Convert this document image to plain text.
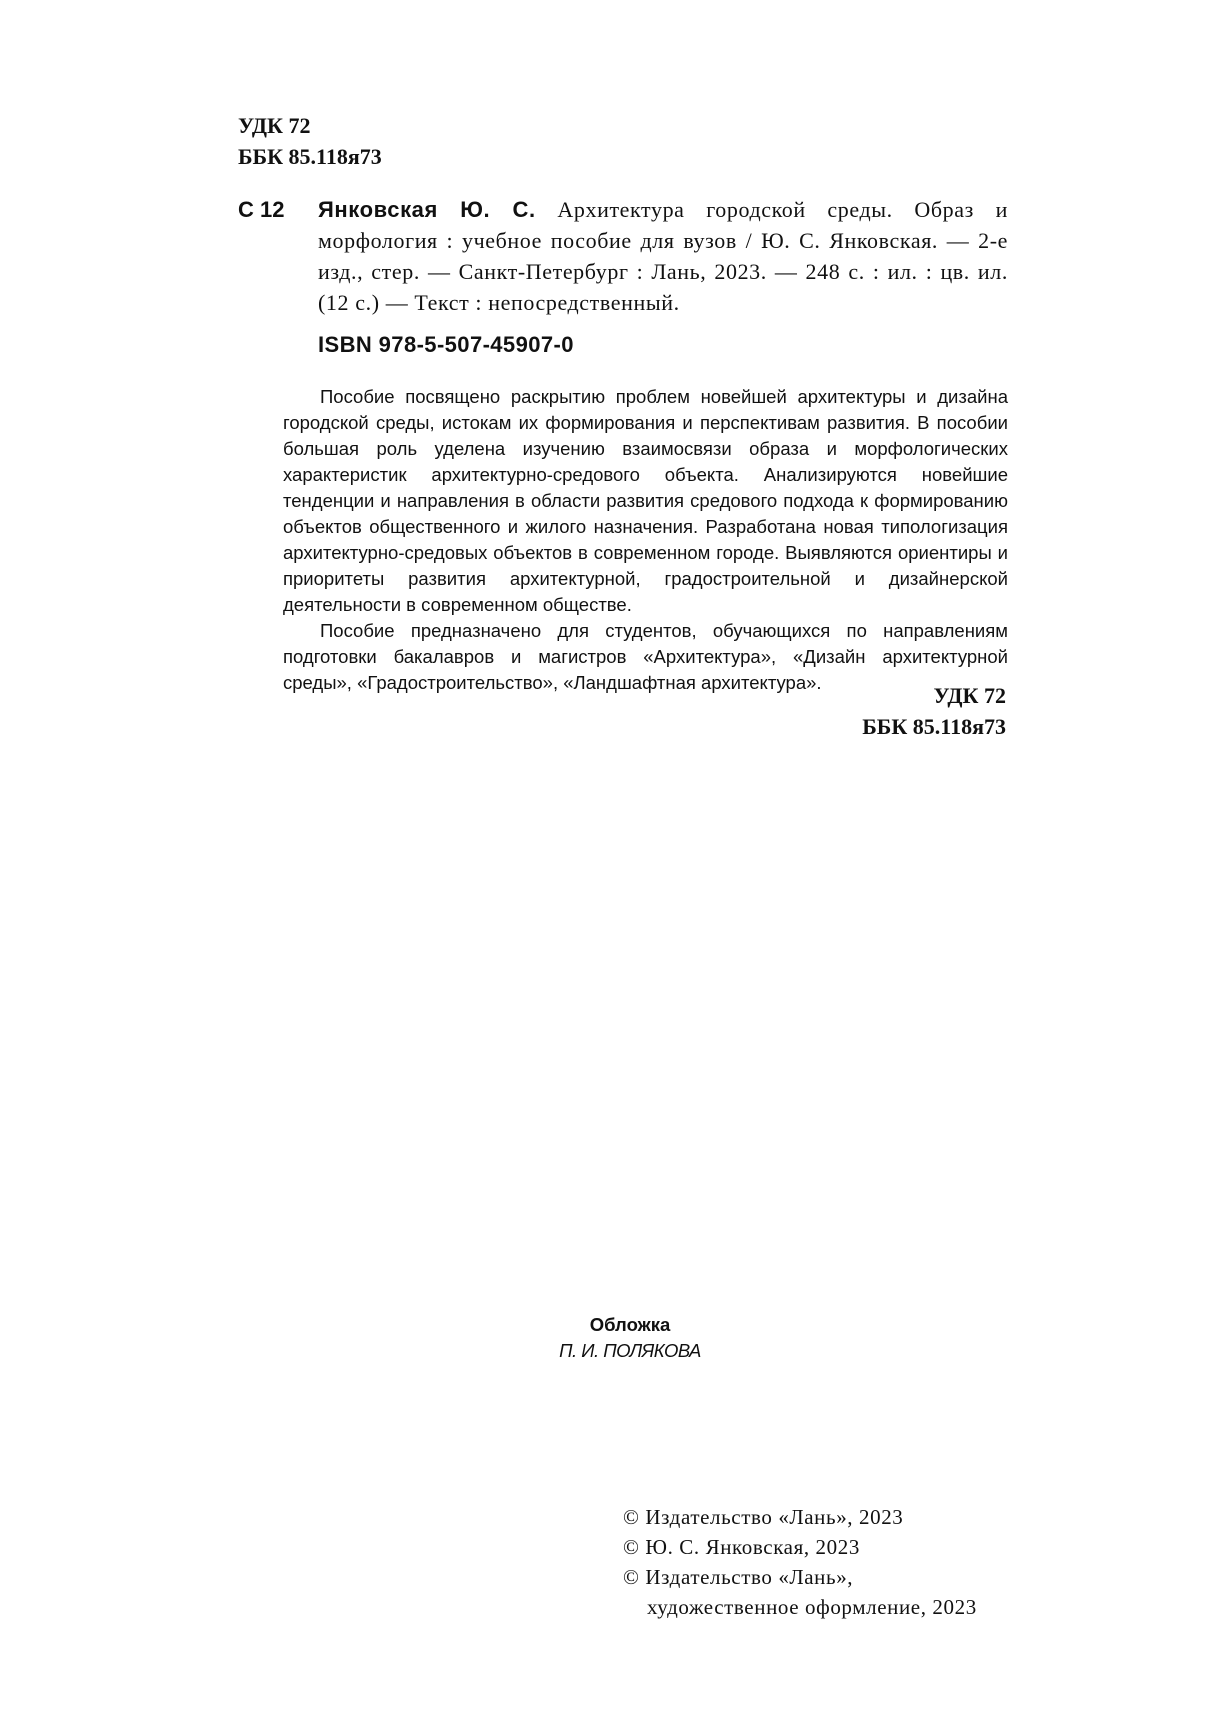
УДК 72
ББК 85.118я73
С 12 Янковская Ю. С. Архитектура городской среды. Образ и морфология : учебное пособие для вузов / Ю. С. Янковская. — 2-е изд., стер. — Санкт-Петербург : Лань, 2023. — 248 с. : ил. : цв. ил. (12 с.) — Текст : непосредственный.
ISBN 978-5-507-45907-0

Пособие посвящено раскрытию проблем новейшей архитектуры и дизайна городской среды, истокам их формирования и перспективам развития. В пособии большая роль уделена изучению взаимосвязи образа и морфологических характеристик архитектурно-средового объекта. Анализируются новейшие тенденции и направления в области развития средового подхода к формированию объектов общественного и жилого назначения. Разработана новая типологизация архитектурно-средовых объектов в современном городе. Выявляются ориентиры и приоритеты развития архитектурной, градостроительной и дизайнерской деятельности в современном обществе.

Пособие предназначено для студентов, обучающихся по направлениям подготовки бакалавров и магистров «Архитектура», «Дизайн архитектурной среды», «Градостроительство», «Ландшафтная архитектура».

УДК 72
ББК 85.118я73
Обложка
П. И. ПОЛЯКОВА
© Издательство «Лань», 2023
© Ю. С. Янковская, 2023
© Издательство «Лань»,
художественное оформление, 2023
